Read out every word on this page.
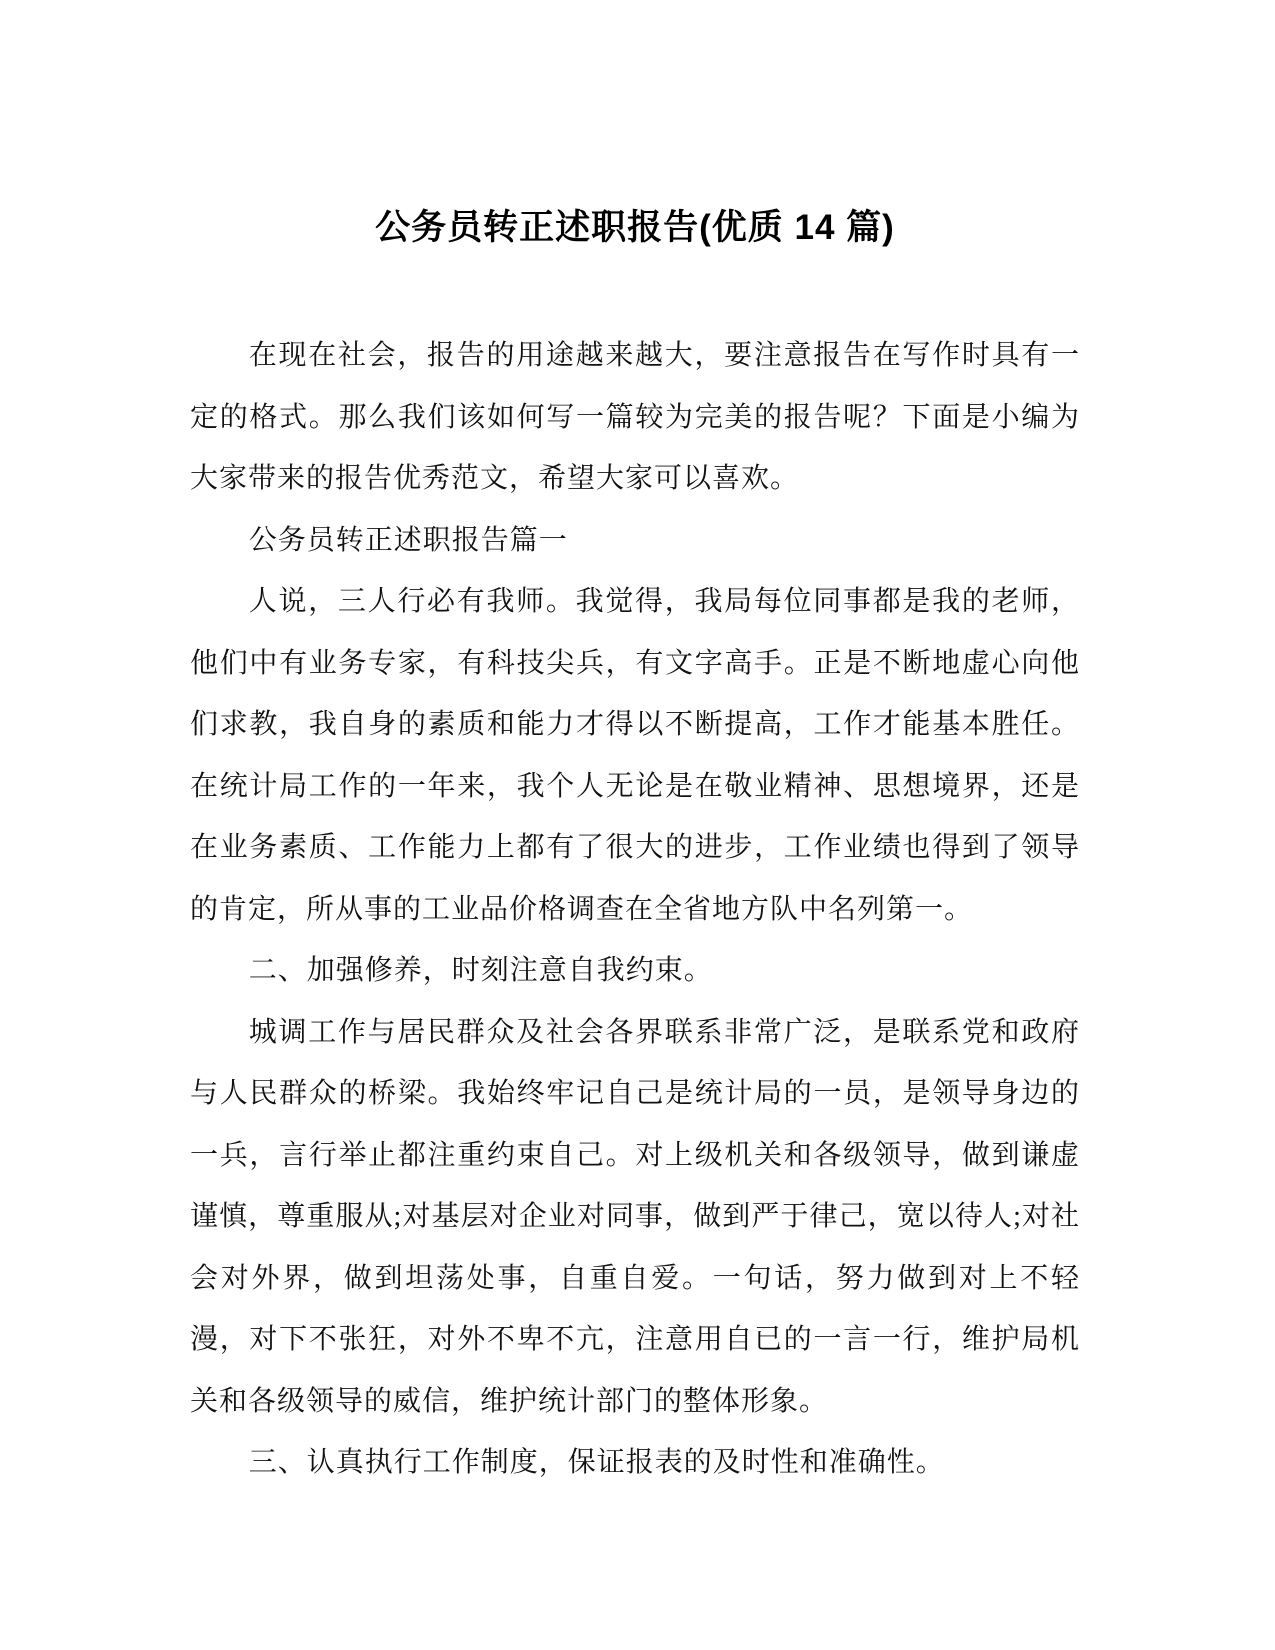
公务员转正述职报告(优质 14 篇)

在现在社会，报告的用途越来越大，要注意报告在写作时具有一定的格式。那么我们该如何写一篇较为完美的报告呢？下面是小编为大家带来的报告优秀范文，希望大家可以喜欢。

公务员转正述职报告篇一

人说，三人行必有我师。我觉得，我局每位同事都是我的老师，他们中有业务专家，有科技尖兵，有文字高手。正是不断地虚心向他们求教，我自身的素质和能力才得以不断提高，工作才能基本胜任。在统计局工作的一年来，我个人无论是在敬业精神、思想境界，还是在业务素质、工作能力上都有了很大的进步，工作业绩也得到了领导的肯定，所从事的工业品价格调查在全省地方队中名列第一。

二、加强修养，时刻注意自我约束。

城调工作与居民群众及社会各界联系非常广泛，是联系党和政府与人民群众的桥梁。我始终牢记自己是统计局的一员，是领导身边的一兵，言行举止都注重约束自己。对上级机关和各级领导，做到谦虚谨慎，尊重服从;对基层对企业对同事，做到严于律己，宽以待人;对社会对外界，做到坦荡处事，自重自爱。一句话，努力做到对上不轻漫，对下不张狂，对外不卑不亢，注意用自已的一言一行，维护局机关和各级领导的威信，维护统计部门的整体形象。

三、认真执行工作制度，保证报表的及时性和准确性。
